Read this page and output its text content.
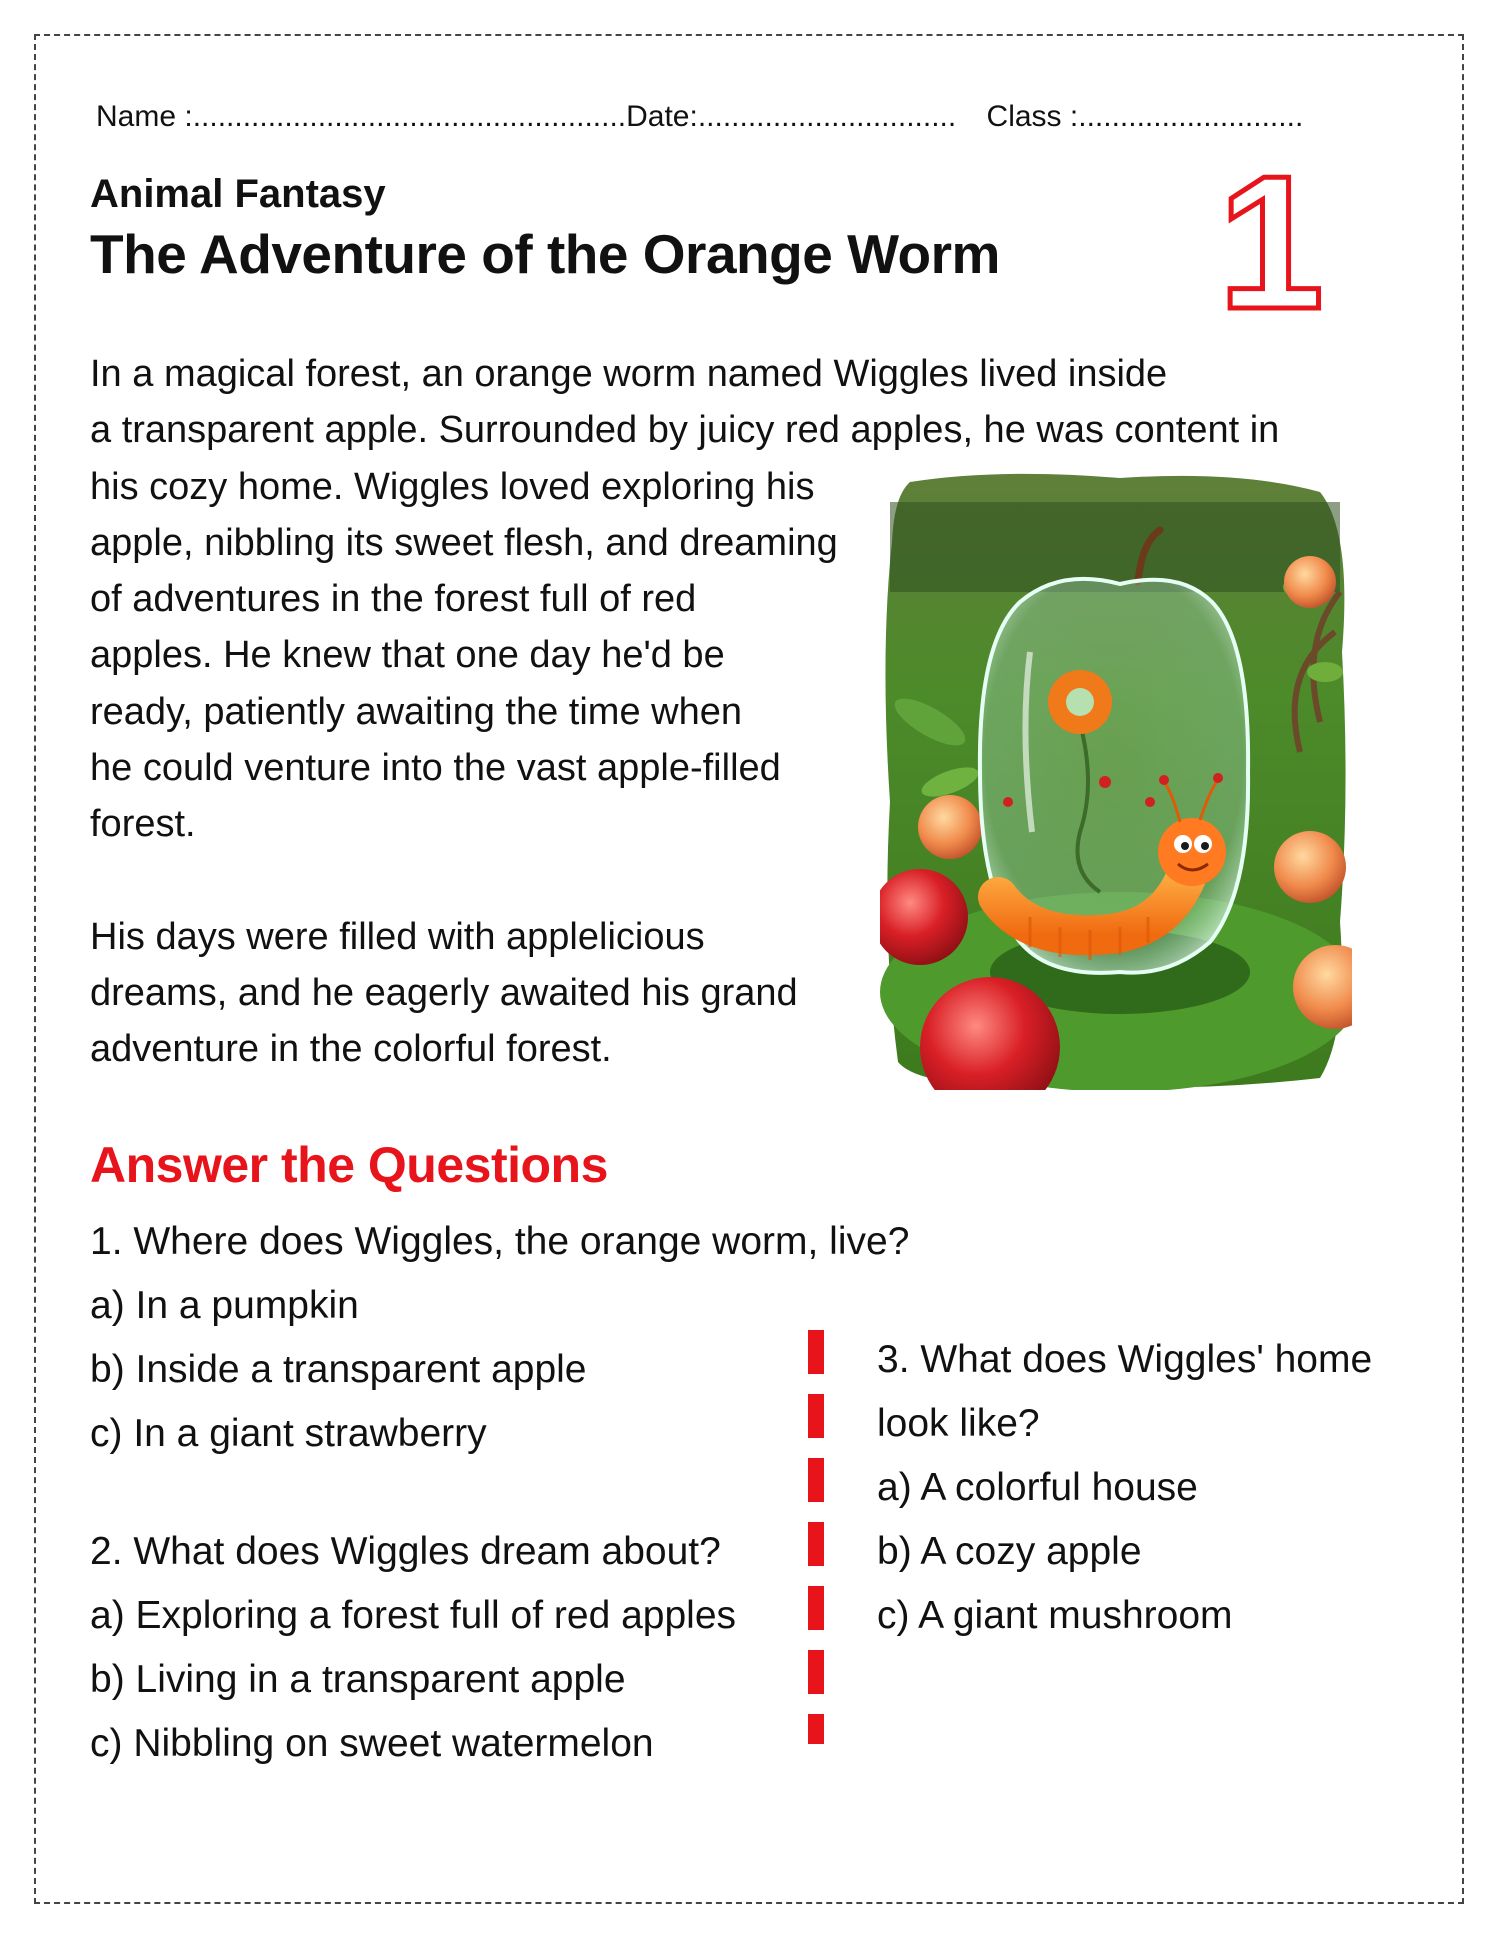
Name :....................................................Date:............................... Class :...........................
Animal Fantasy
The Adventure of the Orange Worm 1
In a magical forest, an orange worm named Wiggles lived inside
a transparent apple. Surrounded by juicy red apples, he was content in
his cozy home. Wiggles loved exploring his
apple, nibbling its sweet flesh, and dreaming
of adventures in the forest full of red
apples. He knew that one day he'd be
ready, patiently awaiting the time when
he could venture into the vast apple-filled
forest.
His days were filled with applelicious
dreams, and he eagerly awaited his grand
adventure in the colorful forest.
Answer the Questions
1. Where does Wiggles, the orange worm, live?
a) In a pumpkin
b) Inside a transparent apple
c) In a giant strawberry
2. What does Wiggles dream about?
a) Exploring a forest full of red apples
b) Living in a transparent apple
c) Nibbling on sweet watermelon
3. What does Wiggles' home
look like?
a) A colorful house
b) A cozy apple
c) A giant mushroom
